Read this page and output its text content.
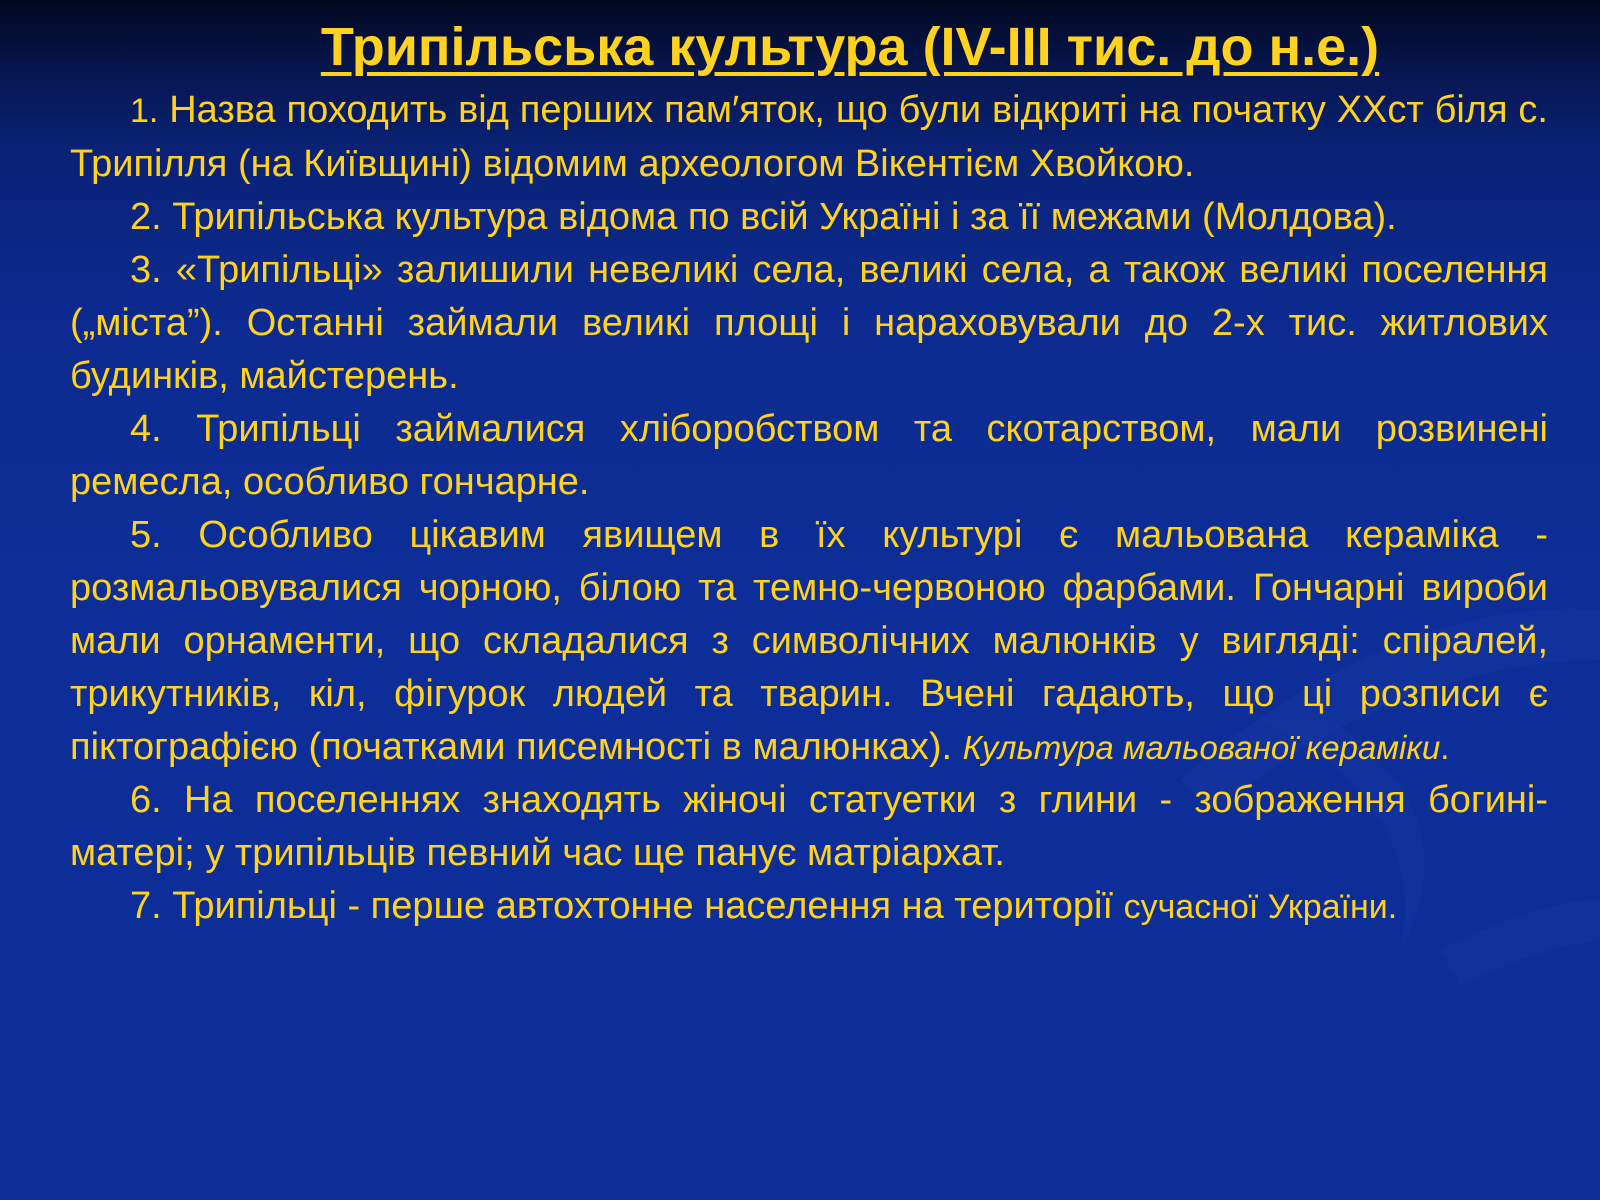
Трипільська культура (IV-III тис. до н.е.)

1. Назва походить від перших пам′яток, що були відкриті на початку ХХст біля с. Трипілля (на Київщині) відомим археологом Вікентієм Хвойкою.

2. Трипільська культура відома по всій Україні і за її межами (Молдова).

3. «Трипільці» залишили невеликі села, великі села, а також великі поселення („міста”). Останні займали великі площі і нараховували до 2-х тис. житлових будинків, майстерень.

4. Трипільці займалися хліборобством та скотарством, мали розвинені ремесла, особливо гончарне.

5. Особливо цікавим явищем в їх культурі є мальована кераміка - розмальовувалися чорною, білою та темно-червоною фарбами. Гончарні вироби мали орнаменти, що складалися з символічних малюнків у вигляді: спіралей, трикутників, кіл, фігурок людей та тварин. Вчені гадають, що ці розписи є піктографією (початками писемності в малюнках). Культура мальованої кераміки.

6. На поселеннях знаходять жіночі статуетки з глини - зображення богині-матері; у трипільців певний час ще панує матріархат.

7. Трипільці - перше автохтонне населення на території сучасної України.
